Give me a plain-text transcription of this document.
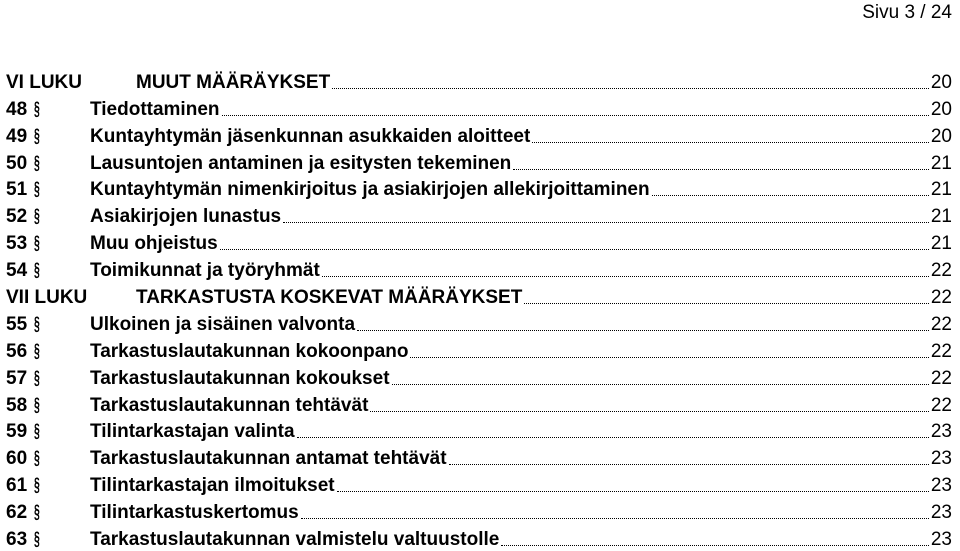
Sivu 3 / 24
VI LUKU	MUUT MÄÄRÄYKSET	20
48 §	Tiedottaminen	20
49 §	Kuntayhtymän jäsenkunnan asukkaiden aloitteet	20
50 §	Lausuntojen antaminen ja esitysten tekeminen	21
51 §	Kuntayhtymän nimenkirjoitus ja asiakirjojen allekirjoittaminen	21
52 §	Asiakirjojen lunastus	21
53 §	Muu ohjeistus	21
54 §	Toimikunnat ja työryhmät	22
VII LUKU	TARKASTUSTA KOSKEVAT MÄÄRÄYKSET	22
55 §	Ulkoinen ja sisäinen valvonta	22
56 §	Tarkastuslautakunnan kokoonpano	22
57 §	Tarkastuslautakunnan kokoukset	22
58 §	Tarkastuslautakunnan tehtävät	22
59 §	Tilintarkastajan valinta	23
60 §	Tarkastuslautakunnan antamat tehtävät	23
61 §	Tilintarkastajan ilmoitukset	23
62 §	Tilintarkastuskertomus	23
63 §	Tarkastuslautakunnan valmistelu valtuustolle	23
